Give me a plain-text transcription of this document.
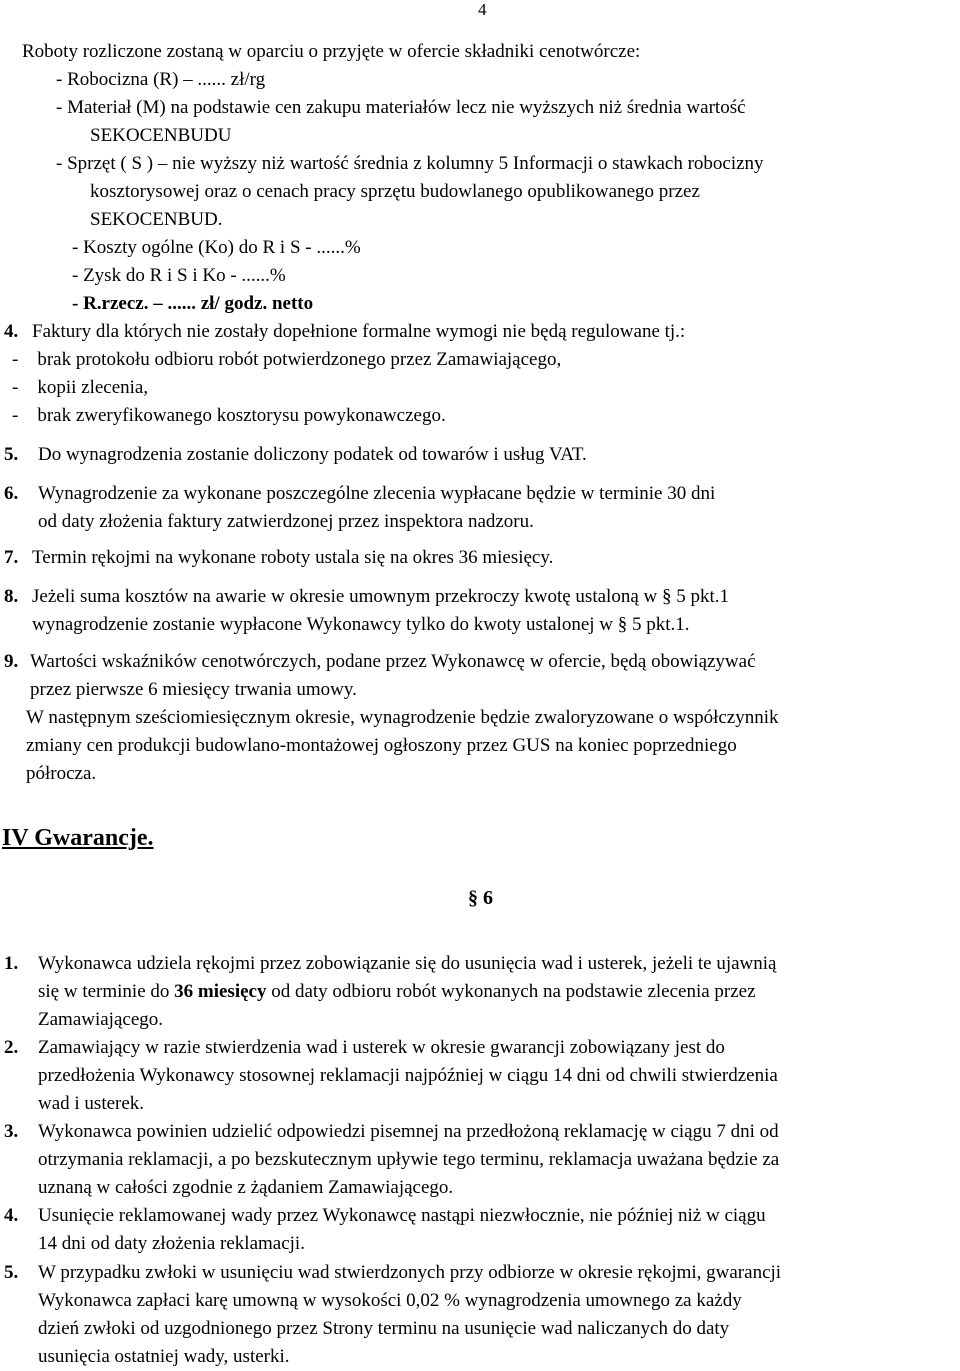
4
Roboty rozliczone zostaną w oparciu o przyjęte w ofercie składniki cenotwórcze:
- Robocizna (R) – ...... zł/rg
- Materiał (M) na podstawie cen zakupu materiałów lecz nie wyższych niż średnia wartość
SEKOCENBUDU
- Sprzęt ( S ) – nie wyższy niż wartość średnia z kolumny 5 Informacji o stawkach robocizny
kosztorysowej oraz o cenach pracy sprzętu budowlanego opublikowanego przez
SEKOCENBUD.
- Koszty ogólne (Ko) do R i S - ......%
- Zysk do R i S i Ko - ......%
- R.rzecz. – ...... zł/ godz. netto
4. Faktury dla których nie zostały dopełnione formalne wymogi nie będą regulowane tj.:
-    brak protokołu odbioru robót potwierdzonego przez Zamawiającego,
-    kopii zlecenia,
-    brak zweryfikowanego kosztorysu powykonawczego.
5. Do wynagrodzenia zostanie doliczony podatek od towarów i usług VAT.
6. Wynagrodzenie za wykonane poszczególne zlecenia wypłacane będzie w terminie 30 dni
od daty złożenia faktury zatwierdzonej przez inspektora nadzoru.
7. Termin rękojmi na wykonane roboty ustala się na okres 36 miesięcy.
8. Jeżeli suma kosztów na awarie w okresie umownym przekroczy kwotę ustaloną w § 5 pkt.1
wynagrodzenie zostanie wypłacone Wykonawcy tylko do kwoty ustalonej w § 5 pkt.1.
9. Wartości wskaźników cenotwórczych, podane przez Wykonawcę w ofercie, będą obowiązywać
przez pierwsze 6 miesięcy trwania umowy.
W następnym sześciomiesięcznym okresie, wynagrodzenie będzie zwaloryzowane o współczynnik
zmiany cen produkcji budowlano-montażowej ogłoszony przez GUS na koniec poprzedniego
półrocza.
IV Gwarancje.
§ 6
1. Wykonawca udziela rękojmi przez zobowiązanie się do usunięcia wad i usterek, jeżeli te ujawnią
się w terminie do 36 miesięcy od daty odbioru robót wykonanych na podstawie zlecenia przez
Zamawiającego.
2. Zamawiający w razie stwierdzenia wad i usterek w okresie gwarancji zobowiązany jest do
przedłożenia Wykonawcy stosownej reklamacji najpóźniej w ciągu 14 dni od chwili stwierdzenia
wad i usterek.
3. Wykonawca powinien udzielić odpowiedzi pisemnej na przedłożoną reklamację w ciągu 7 dni od
otrzymania reklamacji, a po bezskutecznym upływie tego terminu, reklamacja uważana będzie za
uznaną w całości zgodnie z żądaniem Zamawiającego.
4. Usunięcie reklamowanej wady przez Wykonawcę nastąpi niezwłocznie, nie później niż w ciągu
14 dni od daty złożenia reklamacji.
5. W przypadku zwłoki w usunięciu wad stwierdzonych przy odbiorze w okresie rękojmi, gwarancji
Wykonawca zapłaci karę umowną w wysokości 0,02 % wynagrodzenia umownego za każdy
dzień zwłoki od uzgodnionego przez Strony terminu na usunięcie wad naliczanych do daty
usunięcia ostatniej wady, usterki.
